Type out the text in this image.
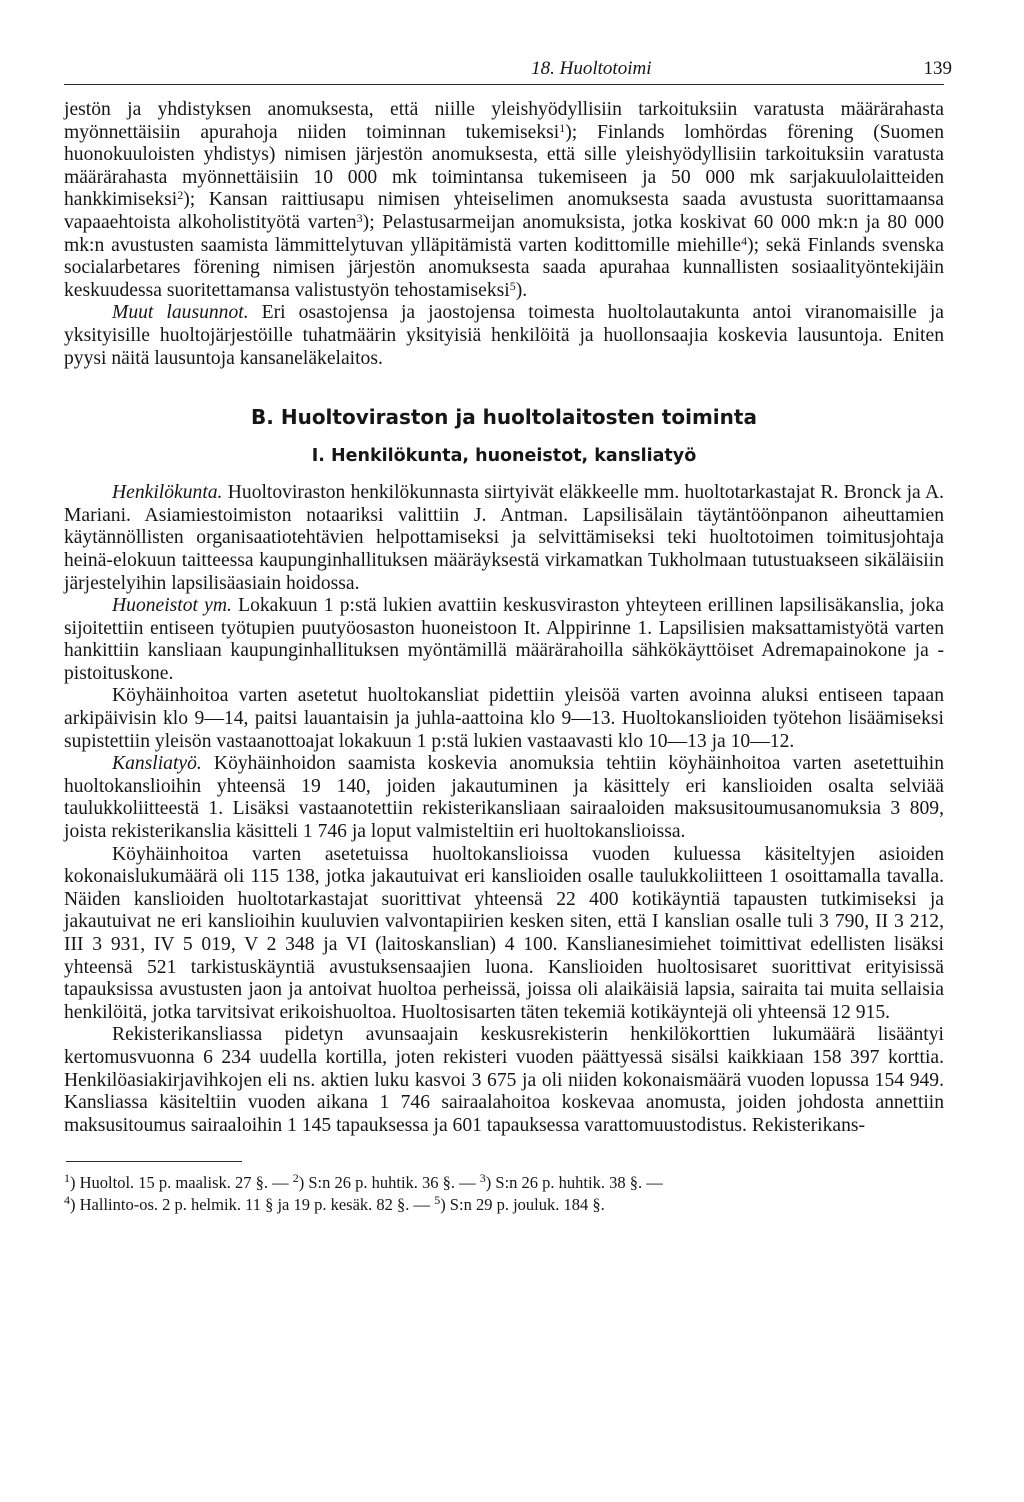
18. Huoltotoimi	139

jestön ja yhdistyksen anomuksesta, että niille yleishyödyllisiin tarkoituksiin varatusta määrärahasta myönnettäisiin apurahoja niiden toiminnan tukemiseksi$^1$); Finlands lomhördas förening (Suomen huonokuuloisten yhdistys) nimisen järjestön anomuksesta, että sille yleishyödyllisiin tarkoituksiin varatusta määrärahasta myönnettäisiin 10 000 mk toimintansa tukemiseen ja 50 000 mk sarjakuulolaitteiden hankkimiseksi$^2$); Kansan raittiusapu nimisen yhteiselimen anomuksesta saada avustusta suorittamaansa vapaaehtoista alkoholistityötä varten$^3$); Pelastusarmeijan anomuksista, jotka koskivat 60 000 mk:n ja 80 000 mk:n avustusten saamista lämmittelytuvan ylläpitämistä varten kodittomille miehille$^4$); sekä Finlands svenska socialarbetares förening nimisen järjestön anomuksesta saada apurahaa kunnallisten sosiaalityöntekijäin keskuudessa suoritettamansa valistustyön tehostamiseksi$^5$).

Muut lausunnot. Eri osastojensa ja jaostojensa toimesta huoltolautakunta antoi viranomaisille ja yksityisille huoltojärjestöille tuhatmäärin yksityisiä henkilöitä ja huollonsaajia koskevia lausuntoja. Eniten pyysi näitä lausuntoja kansaneläkelaitos.

B. Huoltoviraston ja huoltolaitosten toiminta
I. Henkilökunta, huoneistot, kansliatyö

Henkilökunta. Huoltoviraston henkilökunnasta siirtyivät eläkkeelle mm. huoltotarkastajat R. Bronck ja A. Mariani. Asiamiestoimiston notaariksi valittiin J. Antman. Lapsilisälain täytäntöönpanon aiheuttamien käytännöllisten organisaatiotehtävien helpottamiseksi ja selvittämiseksi teki huoltotoimen toimitusjohtaja heinä-elokuun taitteessa kaupunginhallituksen määräyksestä virkamatkan Tukholmaan tutustuakseen sikäläisiin järjestelyihin lapsilisäasiain hoidossa.

Huoneistot ym. Lokakuun 1 p:stä lukien avattiin keskusviraston yhteyteen erillinen lapsilisäkanslia, joka sijoitettiin entiseen työtupien puutyöosaston huoneistoon It. Alppirinne 1. Lapsilisien maksattamistyötä varten hankittiin kansliaan kaupunginhallituksen myöntämillä määrärahoilla sähkökäyttöiset Adremapainokone ja -pistoituskone.

Köyhäinhoitoa varten asetetut huoltokansliat pidettiin yleisöä varten avoinna aluksi entiseen tapaan arkipäivisin klo 9—14, paitsi lauantaisin ja juhla-aattoina klo 9—13. Huoltokanslioiden työtehon lisäämiseksi supistettiin yleisön vastaanottoajat lokakuun 1 p:stä lukien vastaavasti klo 10—13 ja 10—12.

Kansliatyö. Köyhäinhoidon saamista koskevia anomuksia tehtiin köyhäinhoitoa varten asetettuihin huoltokanslioihin yhteensä 19 140, joiden jakautuminen ja käsittely eri kanslioiden osalta selviää taulukkoliitteestä 1. Lisäksi vastaanotettiin rekisterikansliaan sairaaloiden maksusitoumusanomuksia 3 809, joista rekisterikanslia käsitteli 1 746 ja loput valmisteltiin eri huoltokanslioissa.

Köyhäinhoitoa varten asetetuissa huoltokanslioissa vuoden kuluessa käsiteltyjen asioiden kokonaislukumäärä oli 115 138, jotka jakautuivat eri kanslioiden osalle taulukkoliitteen 1 osoittamalla tavalla. Näiden kanslioiden huoltotarkastajat suorittivat yhteensä 22 400 kotikäyntiä tapausten tutkimiseksi ja jakautuivat ne eri kanslioihin kuuluvien valvontapiirien kesken siten, että I kanslian osalle tuli 3 790, II 3 212, III 3 931, IV 5 019, V 2 348 ja VI (laitoskanslian) 4 100. Kanslianesimiehet toimittivat edellisten lisäksi yhteensä 521 tarkistuskäyntiä avustuksensaajien luona. Kanslioiden huoltosisaret suorittivat erityisissä tapauksissa avustusten jaon ja antoivat huoltoa perheissä, joissa oli alaikäisiä lapsia, sairaita tai muita sellaisia henkilöitä, jotka tarvitsivat erikoishuoltoa. Huoltosisarten täten tekemiä kotikäyntejä oli yhteensä 12 915.

Rekisterikansliassa pidetyn avunsaajain keskusrekisterin henkilökorttien lukumäärä lisääntyi kertomusvuonna 6 234 uudella kortilla, joten rekisteri vuoden päättyessä sisälsi kaikkiaan 158 397 korttia. Henkilöasiakirjavihkojen eli ns. aktien luku kasvoi 3 675 ja oli niiden kokonaismäärä vuoden lopussa 154 949. Kansliassa käsiteltiin vuoden aikana 1 746 sairaalahoitoa koskevaa anomusta, joiden johdosta annettiin maksusitoumus sairaaloihin 1 145 tapauksessa ja 601 tapauksessa varattomuustodistus. Rekisterikans-

$^1$) Huoltol. 15 p. maalisk. 27 §. — $^2$) S:n 26 p. huhtik. 36 §. — $^3$) S:n 26 p. huhtik. 38 §. —

$^4$) Hallinto-os. 2 p. helmik. 11 § ja 19 p. kesäk. 82 §. — $^5$) S:n 29 p. jouluk. 184 §.
